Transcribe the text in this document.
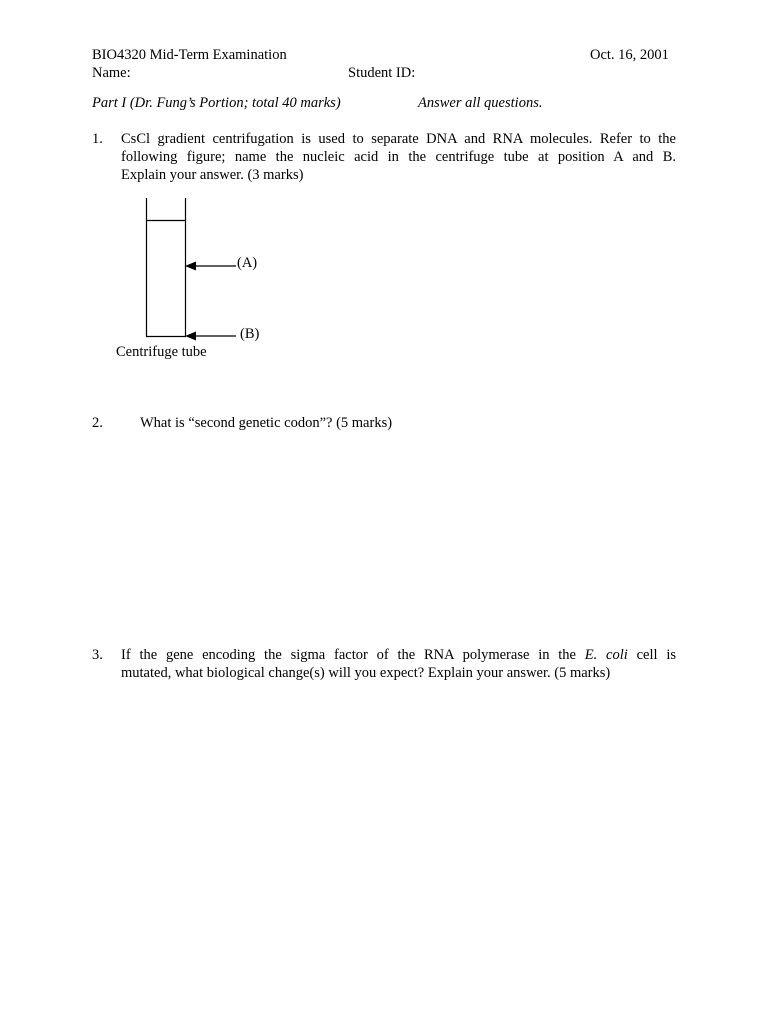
BIO4320 Mid-Term Examination	Oct. 16, 2001
Name:	Student ID:
Part I (Dr. Fung’s Portion; total 40 marks)	Answer all questions.
1. CsCl gradient centrifugation is used to separate DNA and RNA molecules. Refer to the
following figure; name the nucleic acid in the centrifuge tube at position A and B.
Explain your answer. (3 marks)
(A)
(B)
Centrifuge tube
2.	What is “second genetic codon”? (5 marks)
3. If the gene encoding the sigma factor of the RNA polymerase in the E. coli cell is
mutated, what biological change(s) will you expect? Explain your answer. (5 marks)
